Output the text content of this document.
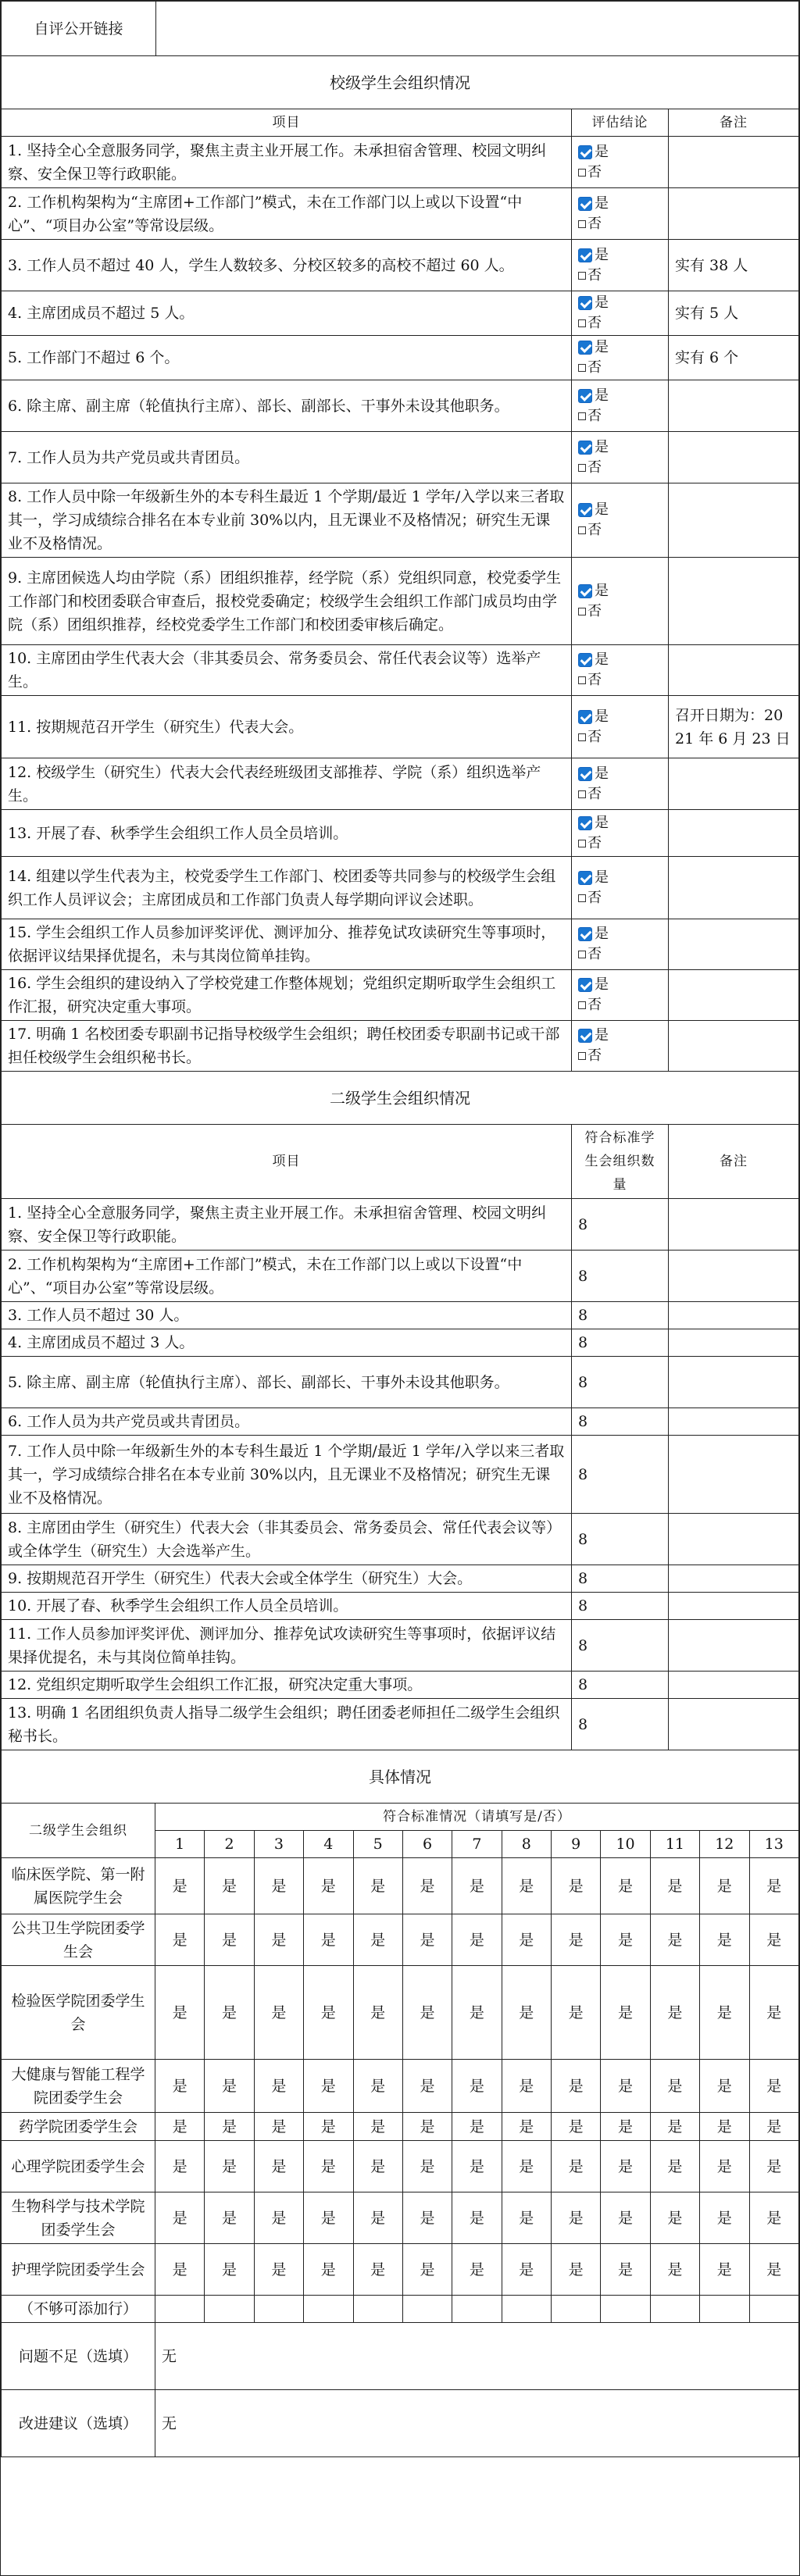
自评公开链接	
校级学生会组织情况		
项目	评估结论	备注
1. 坚持全心全意服务同学，聚焦主责主业开展工作。未承担宿舍管理、校园文明纠察、安全保卫等行政职能。	是
否	

2. 工作机构架构为“主席团+工作部门”模式，未在工作部门以上或以下设置“中心”、“项目办公室”等常设层级。	是
否	

3. 工作人员不超过 40 人，学生人数较多、分校区较多的高校不超过 60 人。	是
否	实有 38 人
4. 主席团成员不超过 5 人。	是
否	实有 5 人
5. 工作部门不超过 6 个。	是
否	实有 6 个
6. 除主席、副主席（轮值执行主席）、部长、副部长、干事外未设其他职务。	是
否	

7. 工作人员为共产党员或共青团员。	是
否	

8. 工作人员中除一年级新生外的本专科生最近 1 个学期/最近 1 学年/入学以来三者取其一，学习成绩综合排名在本专业前 30%以内，且无课业不及格情况；研究生无课业不及格情况。	是
否	

9. 主席团候选人均由学院（系）团组织推荐，经学院（系）党组织同意，校党委学生工作部门和校团委联合审查后，报校党委确定；校级学生会组织工作部门成员均由学院（系）团组织推荐，经校党委学生工作部门和校团委审核后确定。	是
否	

10. 主席团由学生代表大会（非其委员会、常务委员会、常任代表会议等）选举产生。	是
否	

11. 按期规范召开学生（研究生）代表大会。	是
否	召开日期为：2021 年 6 月 23 日
12. 校级学生（研究生）代表大会代表经班级团支部推荐、学院（系）组织选举产生。	是
否	

13. 开展了春、秋季学生会组织工作人员全员培训。	是
否	

14. 组建以学生代表为主，校党委学生工作部门、校团委等共同参与的校级学生会组织工作人员评议会；主席团成员和工作部门负责人每学期向评议会述职。	是
否	

15. 学生会组织工作人员参加评奖评优、测评加分、推荐免试攻读研究生等事项时，依据评议结果择优提名，未与其岗位简单挂钩。	是
否	

16. 学生会组织的建设纳入了学校党建工作整体规划；党组织定期听取学生会组织工作汇报，研究决定重大事项。	是
否	

17. 明确 1 名校团委专职副书记指导校级学生会组织；聘任校团委专职副书记或干部担任校级学生会组织秘书长。	是
否	

二级学生会组织情况		
项目	符合标准学生会组织数量	备注
1. 坚持全心全意服务同学，聚焦主责主业开展工作。未承担宿舍管理、校园文明纠察、安全保卫等行政职能。	8	
2. 工作机构架构为“主席团+工作部门”模式，未在工作部门以上或以下设置“中心”、“项目办公室”等常设层级。	8	
3. 工作人员不超过 30 人。	8	
4. 主席团成员不超过 3 人。	8	
5. 除主席、副主席（轮值执行主席）、部长、副部长、干事外未设其他职务。	8	
6. 工作人员为共产党员或共青团员。	8	
7. 工作人员中除一年级新生外的本专科生最近 1 个学期/最近 1 学年/入学以来三者取其一，学习成绩综合排名在本专业前 30%以内，且无课业不及格情况；研究生无课业不及格情况。	8	
8. 主席团由学生（研究生）代表大会（非其委员会、常务委员会、常任代表会议等）或全体学生（研究生）大会选举产生。	8	
9. 按期规范召开学生（研究生）代表大会或全体学生（研究生）大会。	8	
10. 开展了春、秋季学生会组织工作人员全员培训。	8	
11. 工作人员参加评奖评优、测评加分、推荐免试攻读研究生等事项时，依据评议结果择优提名，未与其岗位简单挂钩。	8	
12. 党组织定期听取学生会组织工作汇报，研究决定重大事项。	8	
13. 明确 1 名团组织负责人指导二级学生会组织；聘任团委老师担任二级学生会组织秘书长。	8	
具体情况													
二级学生会组织	符合标准情况（请填写是/否）												
	1	2	3	4	5	6	7	8	9	10	11	12	13
临床医学院、第一附属医院学生会	是	是	是	是	是	是	是	是	是	是	是	是	是
公共卫生学院团委学生会	是	是	是	是	是	是	是	是	是	是	是	是	是
检验医学院团委学生会	是	是	是	是	是	是	是	是	是	是	是	是	是
大健康与智能工程学院团委学生会	是	是	是	是	是	是	是	是	是	是	是	是	是
药学院团委学生会	是	是	是	是	是	是	是	是	是	是	是	是	是
心理学院团委学生会	是	是	是	是	是	是	是	是	是	是	是	是	是
生物科学与技术学院团委学生会	是	是	是	是	是	是	是	是	是	是	是	是	是
护理学院团委学生会	是	是	是	是	是	是	是	是	是	是	是	是	是
（不够可添加行）													
问题不足（选填）	无
改进建议（选填）	无
